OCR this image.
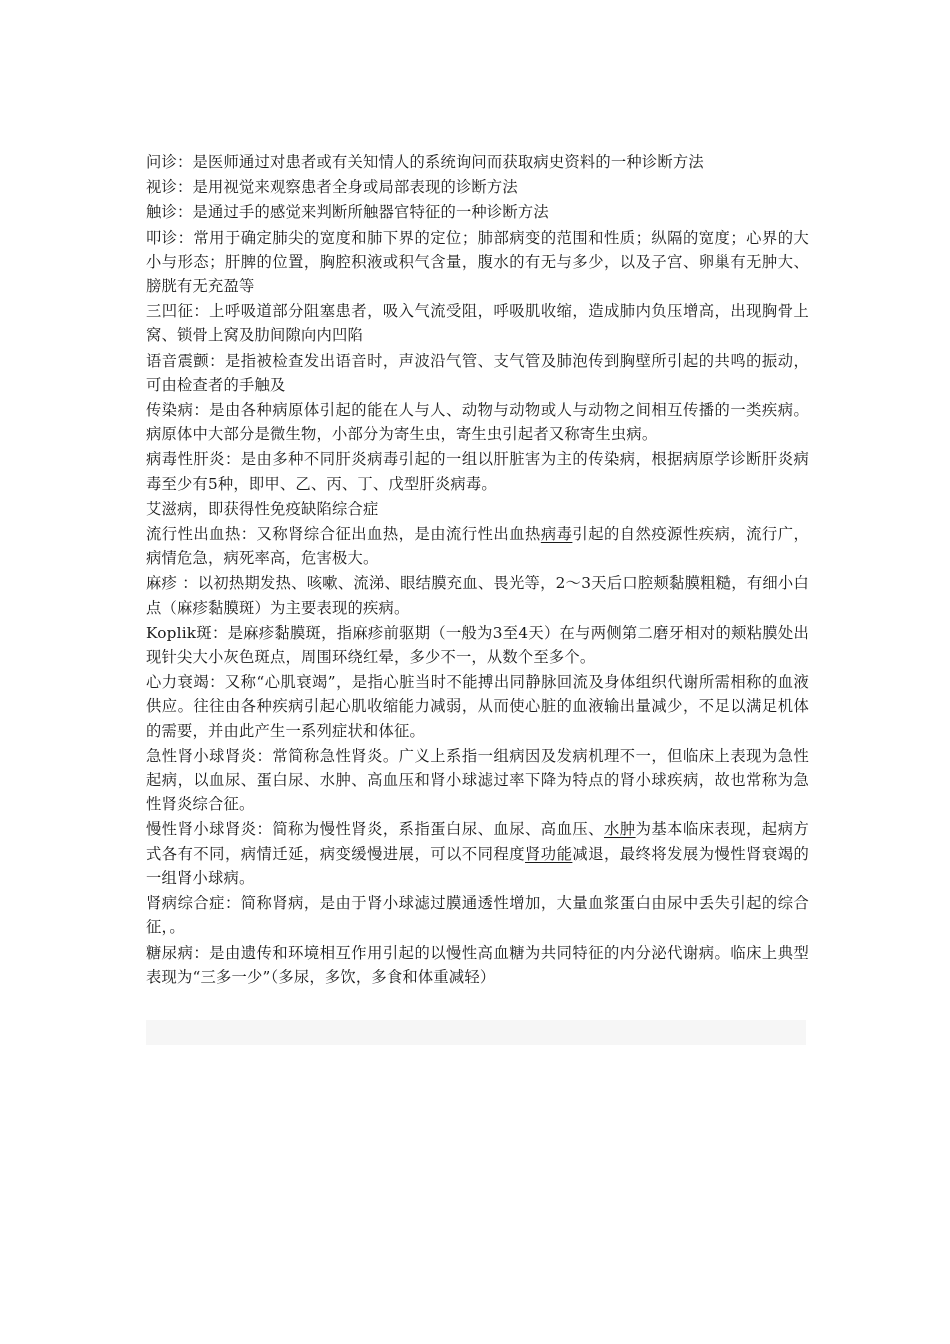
问诊：是医师通过对患者或有关知情人的系统询问而获取病史资料的一种诊断方法

视诊：是用视觉来观察患者全身或局部表现的诊断方法

触诊：是通过手的感觉来判断所触器官特征的一种诊断方法

叩诊：常用于确定肺尖的宽度和肺下界的定位；肺部病变的范围和性质；纵隔的宽度；心界的大小与形态；肝脾的位置，胸腔积液或积气含量，腹水的有无与多少，以及子宫、卵巢有无肿大、膀胱有无充盈等

三凹征：上呼吸道部分阻塞患者，吸入气流受阻，呼吸肌收缩，造成肺内负压增高，出现胸骨上窝、锁骨上窝及肋间隙向内凹陷

语音震颤：是指被检查发出语音时，声波沿气管、支气管及肺泡传到胸壁所引起的共鸣的振动，可由检查者的手触及

传染病：是由各种病原体引起的能在人与人、动物与动物或人与动物之间相互传播的一类疾病。病原体中大部分是微生物，小部分为寄生虫，寄生虫引起者又称寄生虫病。

病毒性肝炎：是由多种不同肝炎病毒引起的一组以肝脏害为主的传染病，根据病原学诊断肝炎病毒至少有5种，即甲、乙、丙、丁、戊型肝炎病毒。

艾滋病，即获得性免疫缺陷综合症

流行性出血热：又称肾综合征出血热，是由流行性出血热病毒引起的自然疫源性疾病，流行广，病情危急，病死率高，危害极大。

麻疹 ：以初热期发热、咳嗽、流涕、眼结膜充血、畏光等，2～3天后口腔颊黏膜粗糙，有细小白点（麻疹黏膜斑）为主要表现的疾病。

Koplik斑：是麻疹黏膜斑，指麻疹前驱期（一般为3至4天）在与两侧第二磨牙相对的颊粘膜处出现针尖大小灰色斑点，周围环绕红晕，多少不一，从数个至多个。

心力衰竭：又称“心肌衰竭”，是指心脏当时不能搏出同静脉回流及身体组织代谢所需相称的血液供应。往往由各种疾病引起心肌收缩能力减弱，从而使心脏的血液输出量减少，不足以满足机体的需要，并由此产生一系列症状和体征。

急性肾小球肾炎：常简称急性肾炎。广义上系指一组病因及发病机理不一，但临床上表现为急性起病，以血尿、蛋白尿、水肿、高血压和肾小球滤过率下降为特点的肾小球疾病，故也常称为急性肾炎综合征。

慢性肾小球肾炎：简称为慢性肾炎，系指蛋白尿、血尿、高血压、水肿为基本临床表现，起病方式各有不同，病情迁延，病变缓慢进展，可以不同程度肾功能减退，最终将发展为慢性肾衰竭的一组肾小球病。

肾病综合症：简称肾病，是由于肾小球滤过膜通透性增加，大量血浆蛋白由尿中丢失引起的综合征，。

糖尿病：是由遗传和环境相互作用引起的以慢性高血糖为共同特征的内分泌代谢病。临床上典型表现为“三多一少”（多尿，多饮，多食和体重减轻）
